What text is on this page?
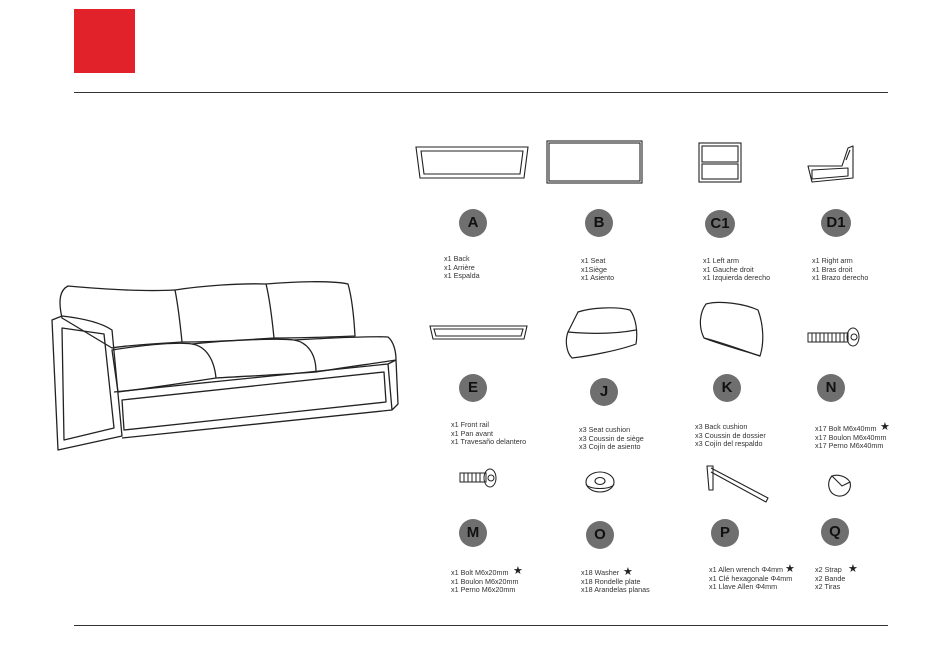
A	B	C1	D1
E	J	K	N
M	O	P	Q
x1 Back
x1 Arrière
x1 Espalda
x1 Seat
x1Siège
x1 Asiento
x1 Left arm
x1 Gauche droit
x1 Izquierda derecho
x1 Right arm
x1 Bras droit
x1 Brazo derecho
x1 Front rail
x1 Pan avant
x1 Travesaño delantero
x3 Seat cushion
x3 Coussin de siège
x3 Cojín de asiento
x3 Back cushion
x3 Coussin de dossier
x3 Cojín del respaldo
x17 Bolt M6x40mm
x17 Boulon M6x40mm
x17 Perno M6x40mm
★
x1 Bolt M6x20mm
x1 Boulon M6x20mm
x1 Perno M6x20mm
★	x18 Washer
x18 Rondelle plate
x18 Arandelas planas
★	x1 Allen wrench Φ4mm
x1 Clé hexagonale Φ4mm
x1 Llave Allen Φ4mm
★	x2 Strap
x2 Bande
x2 Tiras
★
